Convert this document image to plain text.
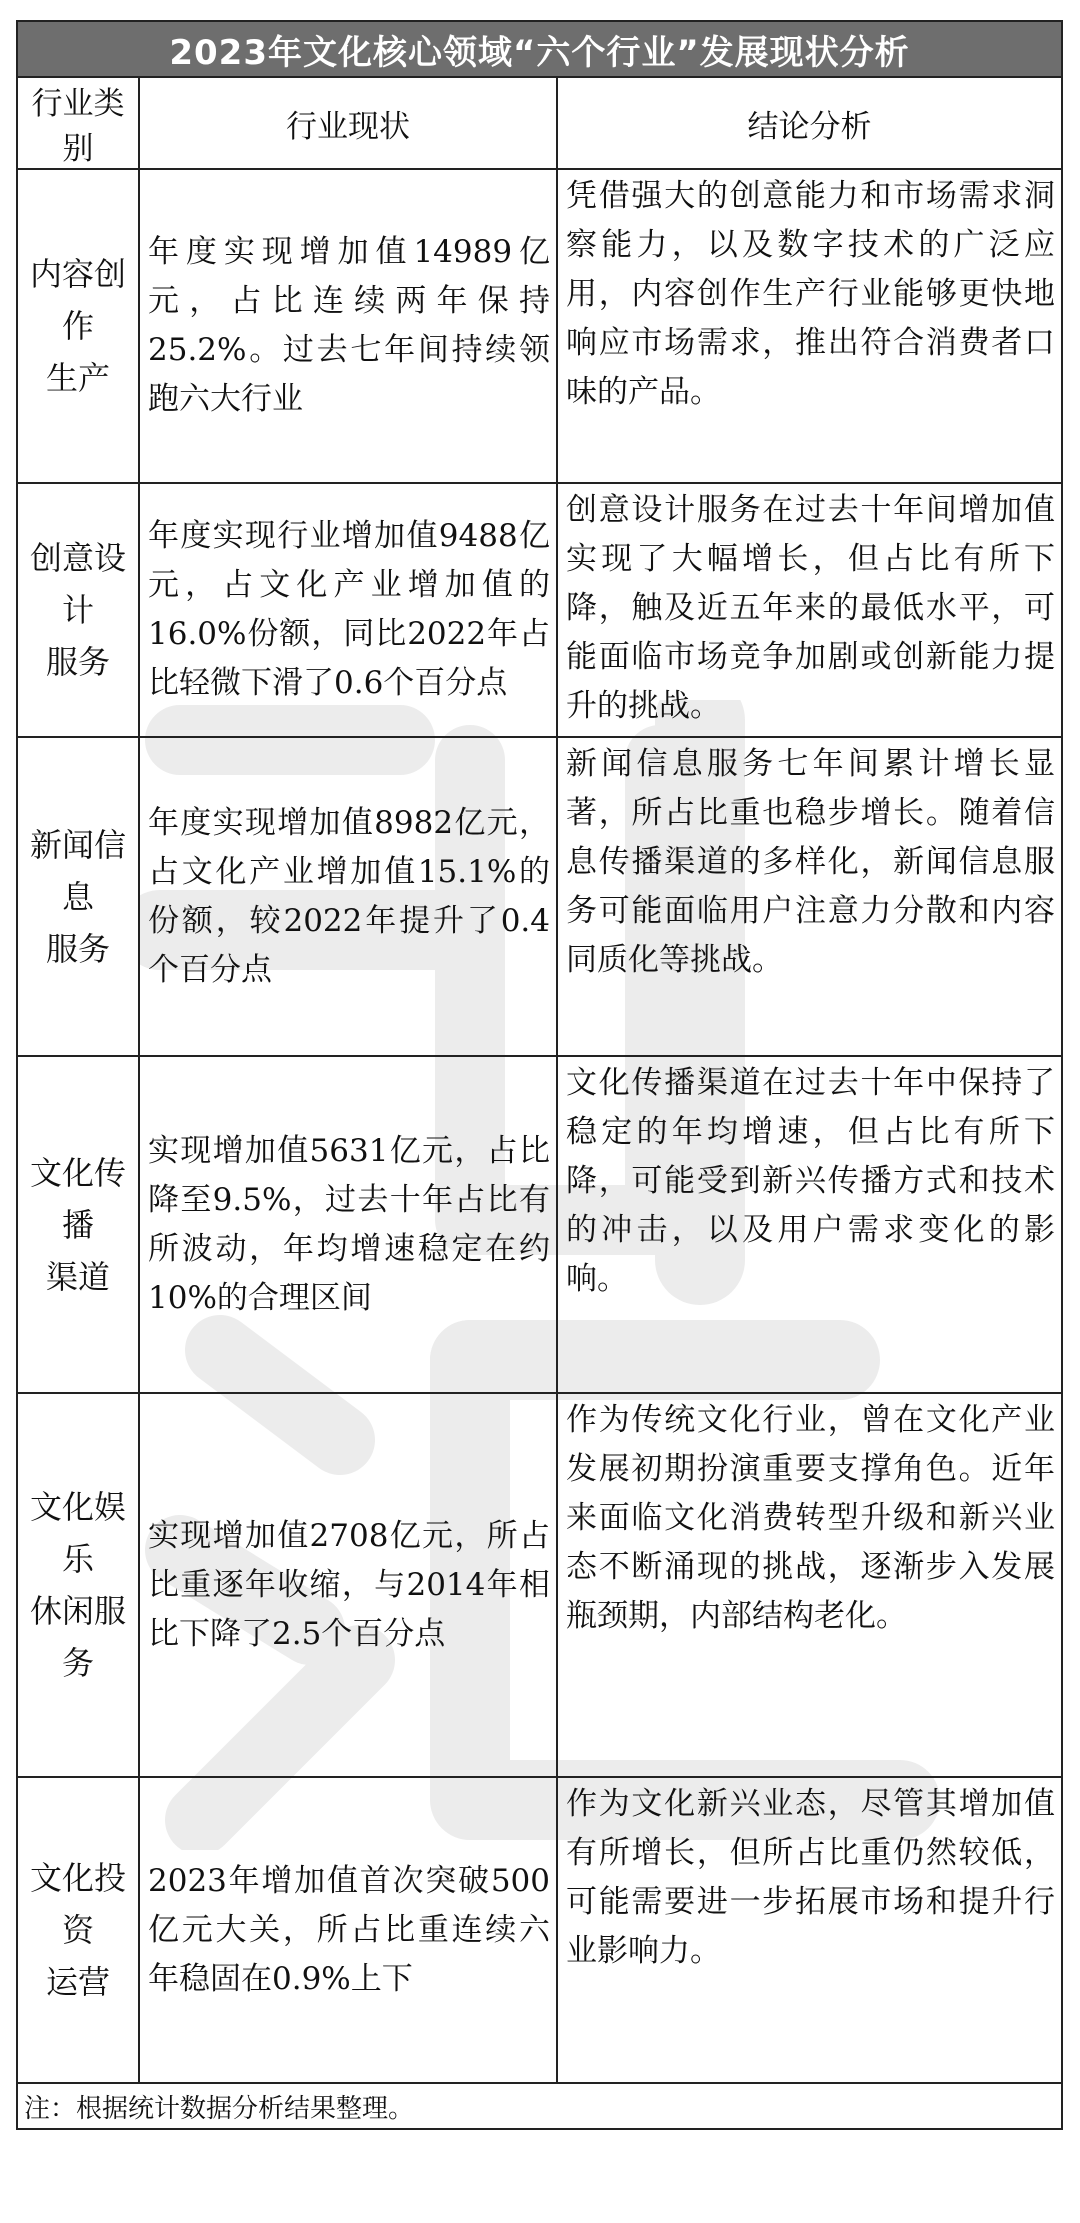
2023年文化核心领域“六个行业”发展现状分析		
行业类别	行业现状	结论分析

内容创作
生产	年度实现增加值14989亿元，占比连续两年保持25.2%。过去七年间持续领跑六大行业	凭借强大的创意能力和市场需求洞察能力，以及数字技术的广泛应用，内容创作生产行业能够更快地响应市场需求，推出符合消费者口味的产品。

创意设计
服务	年度实现行业增加值9488亿元，占文化产业增加值的16.0%份额，同比2022年占比轻微下滑了0.6个百分点	创意设计服务在过去十年间增加值实现了大幅增长，但占比有所下降，触及近五年来的最低水平，可能面临市场竞争加剧或创新能力提升的挑战。

新闻信息
服务	年度实现增加值8982亿元，占文化产业增加值15.1%的份额，较2022年提升了0.4个百分点	新闻信息服务七年间累计增长显著，所占比重也稳步增长。随着信息传播渠道的多样化，新闻信息服务可能面临用户注意力分散和内容同质化等挑战。

文化传播
渠道	实现增加值5631亿元，占比降至9.5%，过去十年占比有所波动，年均增速稳定在约10%的合理区间	文化传播渠道在过去十年中保持了稳定的年均增速，但占比有所下降，可能受到新兴传播方式和技术的冲击，以及用户需求变化的影响。

文化娱乐
休闲服务	实现增加值2708亿元，所占比重逐年收缩，与2014年相比下降了2.5个百分点	作为传统文化行业，曾在文化产业发展初期扮演重要支撑角色。近年来面临文化消费转型升级和新兴业态不断涌现的挑战，逐渐步入发展瓶颈期，内部结构老化。

文化投资
运营	2023年增加值首次突破500亿元大关，所占比重连续六年稳固在0.9%上下	作为文化新兴业态，尽管其增加值有所增长，但所占比重仍然较低，可能需要进一步拓展市场和提升行业影响力。
注：根据统计数据分析结果整理。		
